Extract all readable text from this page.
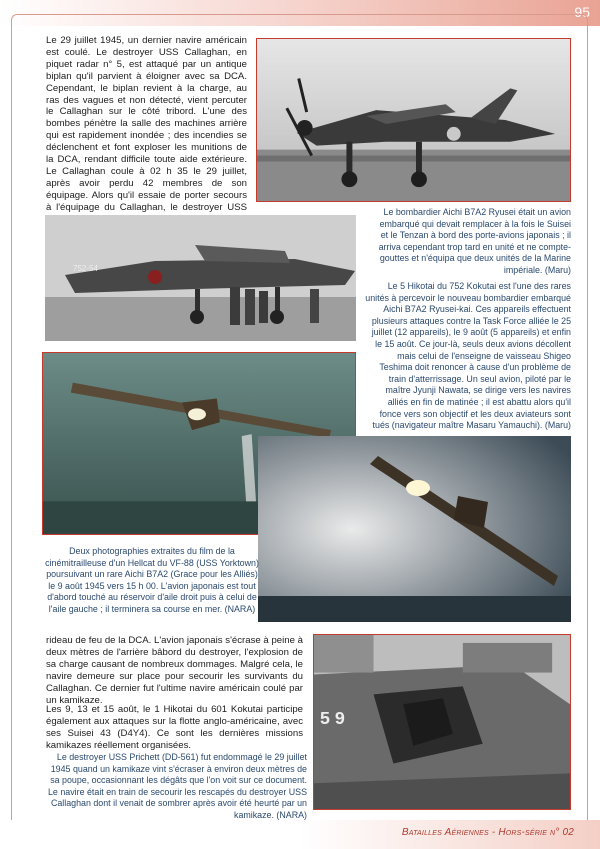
95

Le 29 juillet 1945, un dernier navire américain est coulé. Le destroyer USS Callaghan, en piquet radar n° 5, est attaqué par un antique biplan qu'il parvient à éloigner avec sa DCA. Cependant, le biplan revient à la charge, au ras des vagues et non détecté, vient percuter le Callaghan sur le côté tribord. L'une des bombes pénètre la salle des machines arrière qui est rapidement inondée ; des incendies se déclenchent et font exploser les munitions de la DCA, rendant difficile toute aide extérieure. Le Callaghan coule à 02 h 35 le 29 juillet, après avoir perdu 42 membres de son équipage. Alors qu'il essaie de porter secours à l'équipage du Callaghan, le destroyer USS	Le bombardier Aichi B7A2 Ryusei était un avion embarqué qui devait remplacer à la fois le Suisei et le Tenzan à bord des porte-avions japonais ; il arriva cependant trop tard en unité et ne compte-gouttes et n'équipa que deux unités de la Marine impériale. (Maru)

752-54

Le 5 Hikotai du 752 Kokutai est l'une des rares unités à percevoir le nouveau bombardier embarqué Aichi B7A2 Ryusei-kai. Ces appareils effectuent plusieurs attaques contre la Task Force alliée le 25 juillet (12 appareils), le 9 août (5 appareils) et enfin le 15 août. Ce jour-là, seuls deux avions décollent mais celui de l'enseigne de vaisseau Shigeo Teshima doit renoncer à cause d'un problème de train d'atterrissage. Un seul avion, piloté par le maître Jyunji Nawata, se dirige vers les navires alliés en fin de matinée ; il est abattu alors qu'il fonce vers son objectif et les deux aviateurs sont tués (navigateur maître Masaru Yamauchi). (Maru)

Deux photographies extraites du film de la cinémitrailleuse d'un Hellcat du VF-88 (USS Yorktown) poursuivant un rare Aichi B7A2 (Grace pour les Alliés) le 9 août 1945 vers 15 h 00. L'avion japonais est tout d'abord touché au réservoir d'aile droit puis à celui de l'aile gauche ; il terminera sa course en mer. (NARA)

rideau de feu de la DCA. L'avion japonais s'écrase à peine à deux mètres de l'arrière bâbord du destroyer, l'explosion de sa charge causant de nombreux dommages. Malgré cela, le navire demeure sur place pour secourir les survivants du Callaghan. Ce dernier fut l'ultime navire américain coulé par un kamikaze.

Les 9, 13 et 15 août, le 1 Hikotai du 601 Kokutai participe également aux attaques sur la flotte anglo-américaine, avec ses Suisei 43 (D4Y4). Ce sont les dernières missions kamikazes réellement organisées.

5 9

Le destroyer USS Prichett (DD-561) fut endommagé le 29 juillet 1945 quand un kamikaze vint s'écraser à environ deux mètres de sa poupe, occasionnant les dégâts que l'on voit sur ce document. Le navire était en train de secourir les rescapés du destroyer USS Callaghan dont il venait de sombrer après avoir été heurté par un kamikaze. (NARA)

Batailles Aériennes - Hors-série n° 02
